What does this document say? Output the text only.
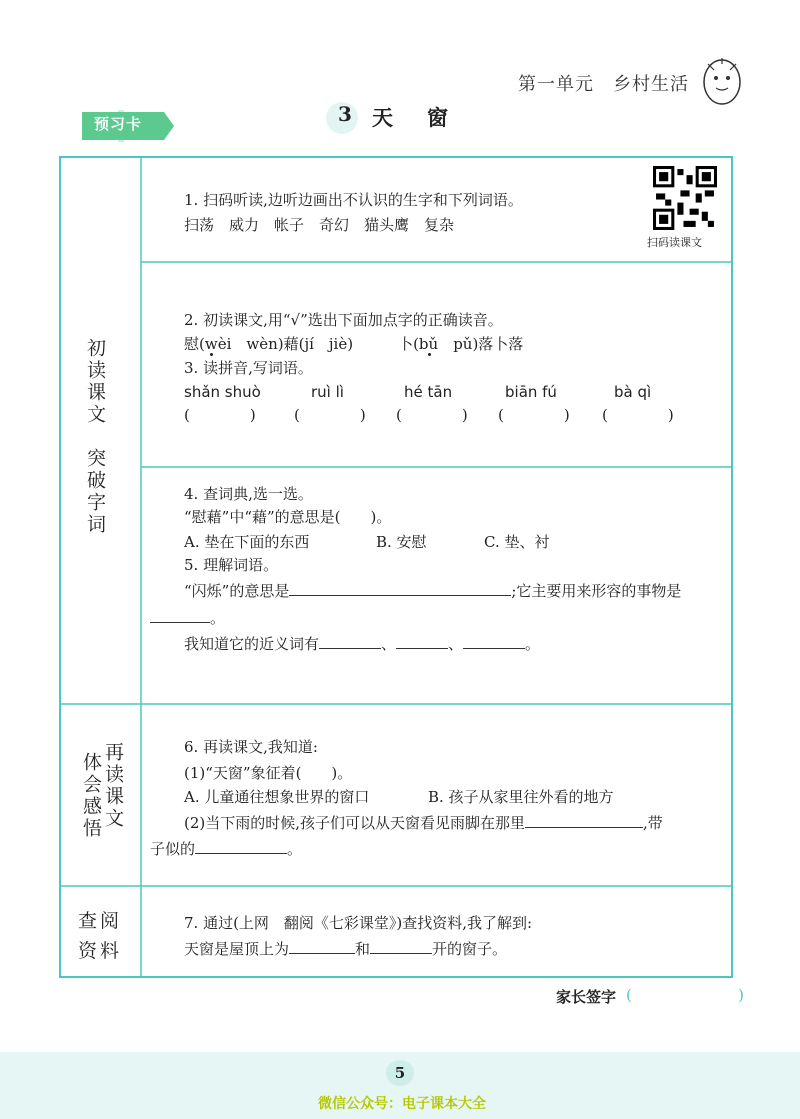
第一单元　乡村生活
预习卡	3 天窗
初读课文　突破字词
再读课文
体会感悟
查阅资料
扫码读课文
1. 扫码听读,边听边画出不认识的生字和下列词语。
扫荡　威力　帐子　奇幻　猫头鹰　复杂
2. 初读课文,用“√”选出下面加点字的正确读音。
慰(wèi　wèn)藉(jí　jiè)　　　卜(bǔ　pǔ)落卜落
3. 读拼音,写词语。
shǎn shuò	ruì lì	hé tān	biān fú	bà qì
(　　　　)	(　　　　) (　　　　) (　　　　) (　　　　)
4. 查词典,选一选。
“慰藉”中“藉”的意思是(　　)。
A. 垫在下面的东西	B. 安慰	C. 垫、衬
5. 理解词语。
“闪烁”的意思是	;它主要用来形容的事物是
。
我知道它的近义词有	、	、	。
6. 再读课文,我知道:
(1)“天窗”象征着(　　)。
A. 儿童通往想象世界的窗口	B. 孩子从家里往外看的地方
(2)当下雨的时候,孩子们可以从天窗看见雨脚在那里	,带
子似的	。
7. 通过(上网　翻阅《七彩课堂》)查找资料,我了解到:
天窗是屋顶上为	和	开的窗子。
家长签字 (	)
5
微信公众号：电子课本大全
